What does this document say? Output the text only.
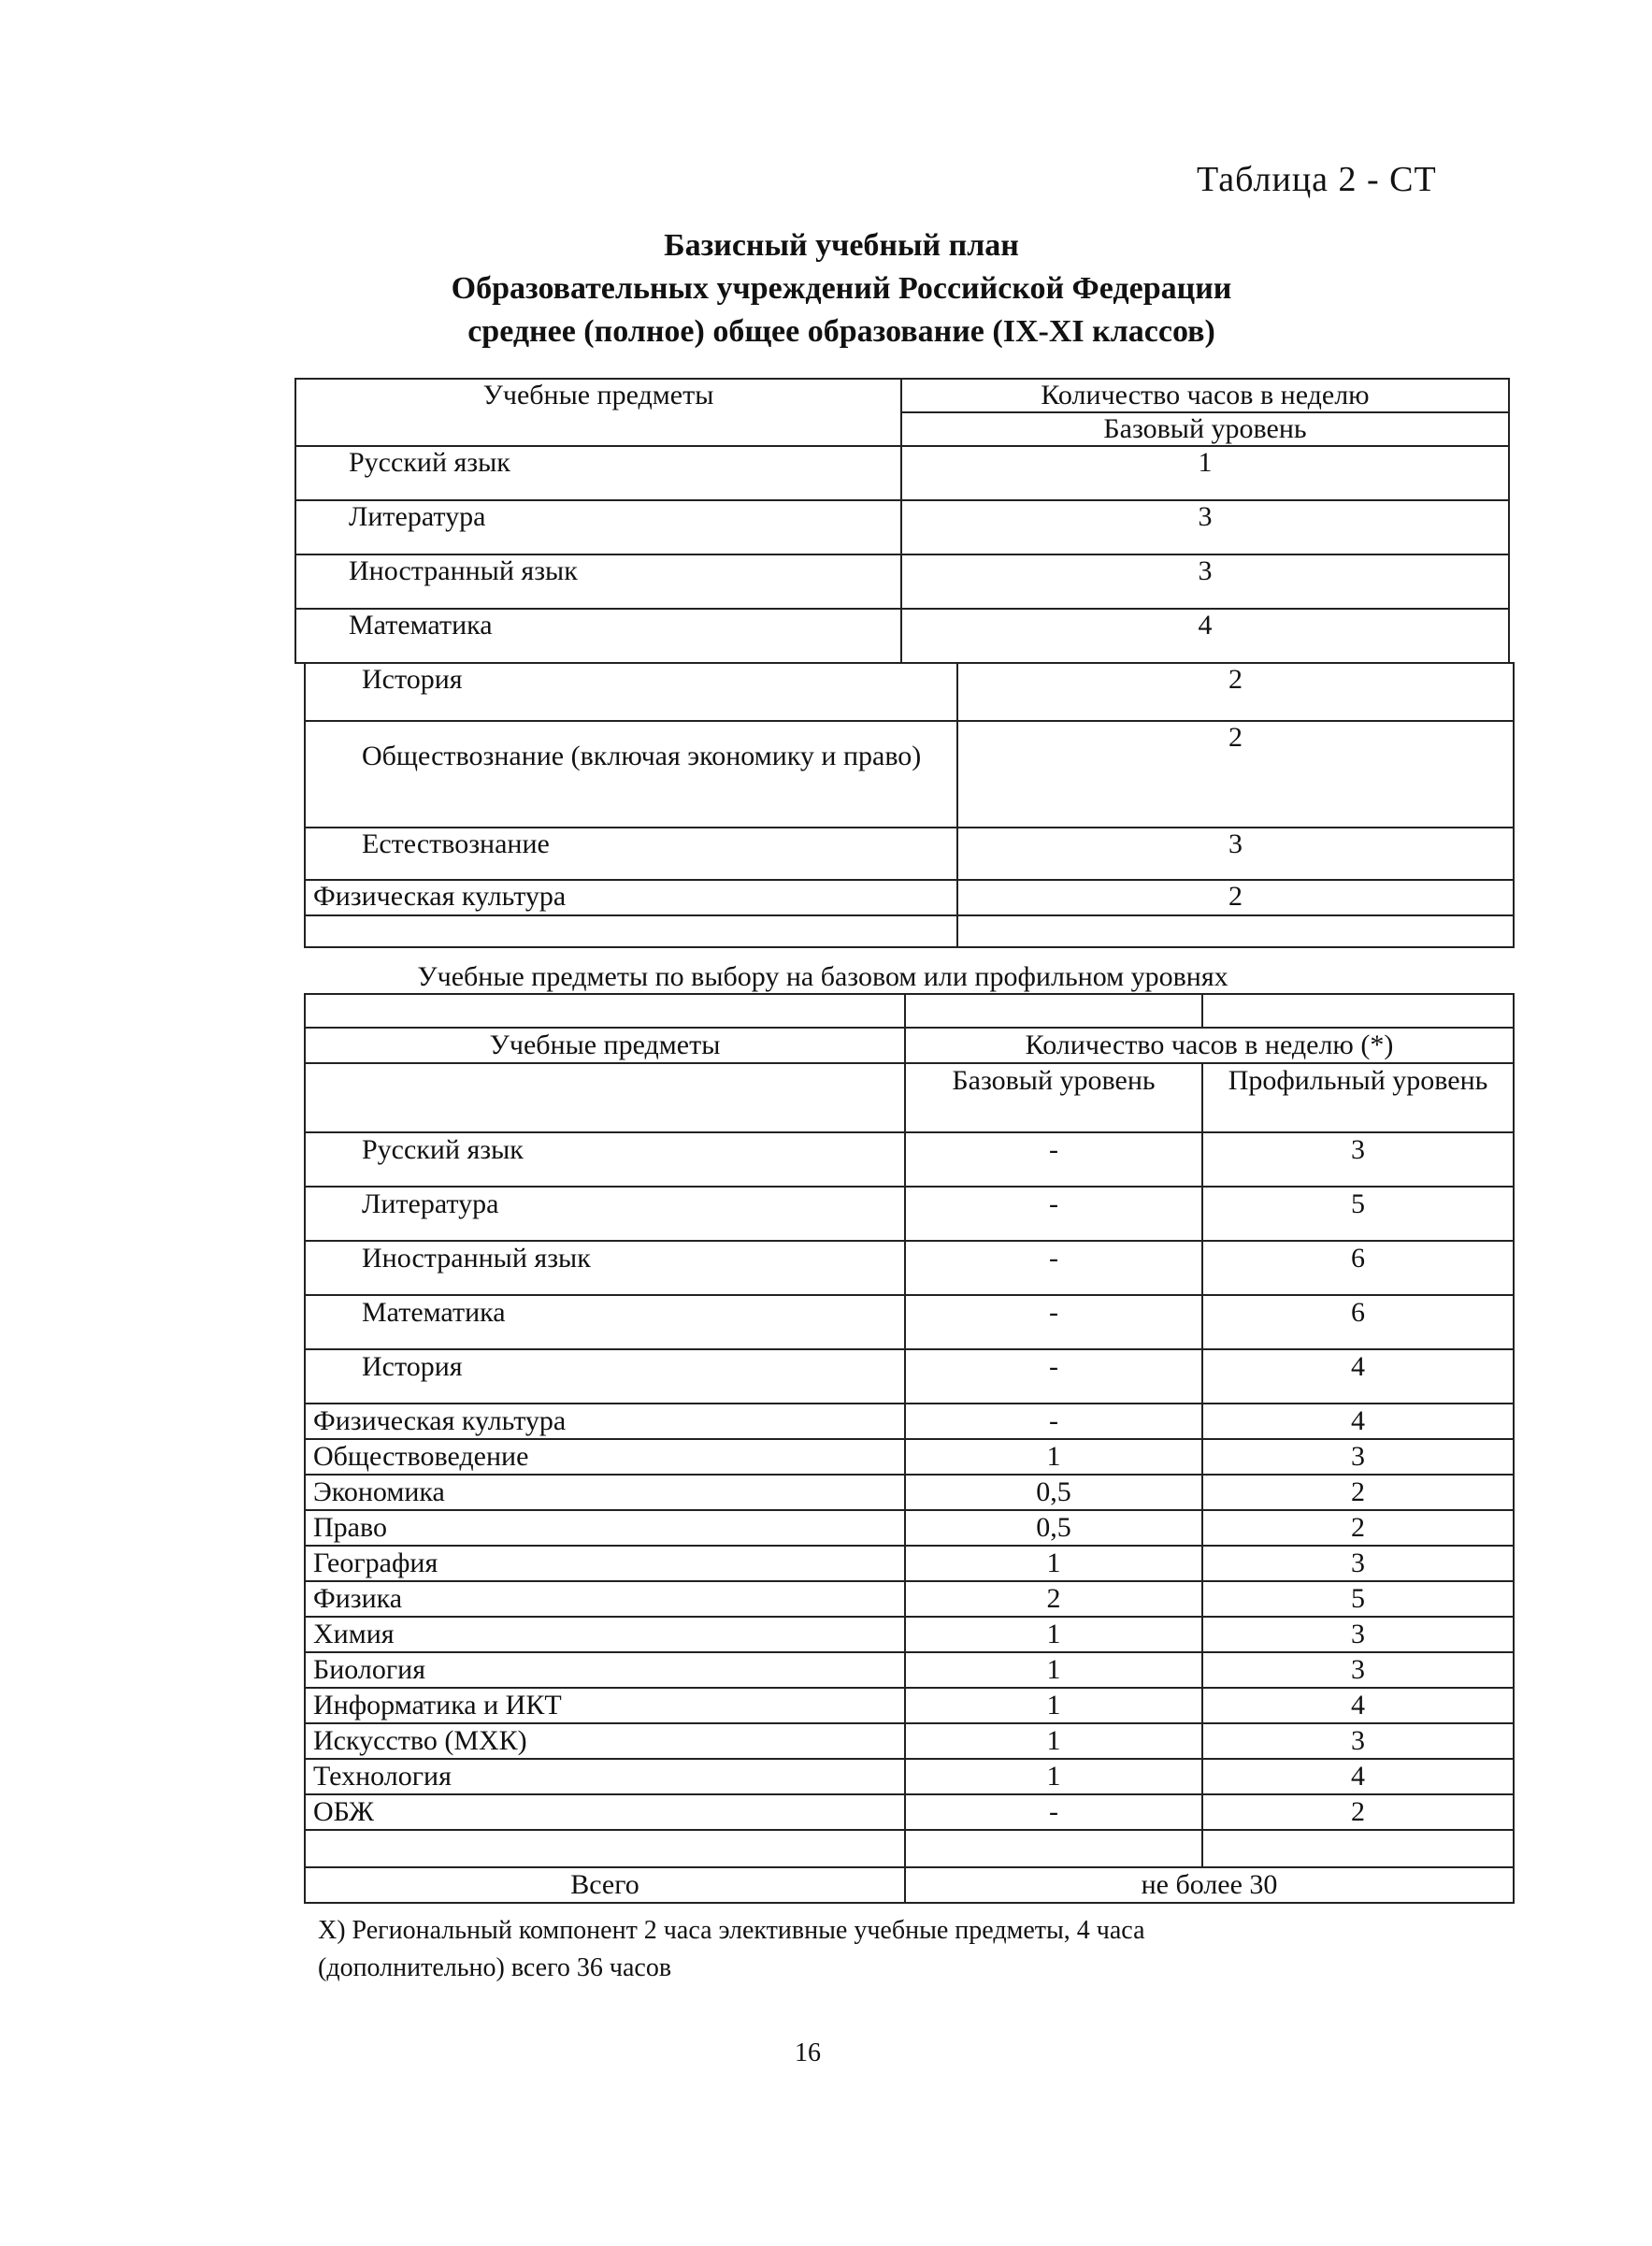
Таблица 2 - СТ
Базисный учебный план
Образовательных учреждений Российской Федерации
среднее (полное) общее образование (IX-XI классов)
Учебные предметы	Количество часов в неделю
	Базовый уровень
Русский язык	1
Литература	3
Иностранный язык	3
Математика	4
История	2
Обществознание (включая экономику и право)	2
Естествознание	3
Физическая культура	2

Учебные предметы по выбору на базовом или профильном уровнях

Учебные предметы	Количество часов в неделю (*)	
	Базовый уровень	Профильный уровень
Русский язык	-	3
Литература	-	5
Иностранный язык	-	6
Математика	-	6
История	-	4
Физическая культура	-	4
Обществоведение	1	3
Экономика	0,5	2
Право	0,5	2
География	1	3
Физика	2	5
Химия	1	3
Биология	1	3
Информатика и ИКТ	1	4
Искусство (МХК)	1	3
Технология	1	4
ОБЖ	-	2

Всего	не более 30	
Х) Региональный компонент 2 часа элективные учебные предметы, 4 часа
(дополнительно) всего 36 часов
16
